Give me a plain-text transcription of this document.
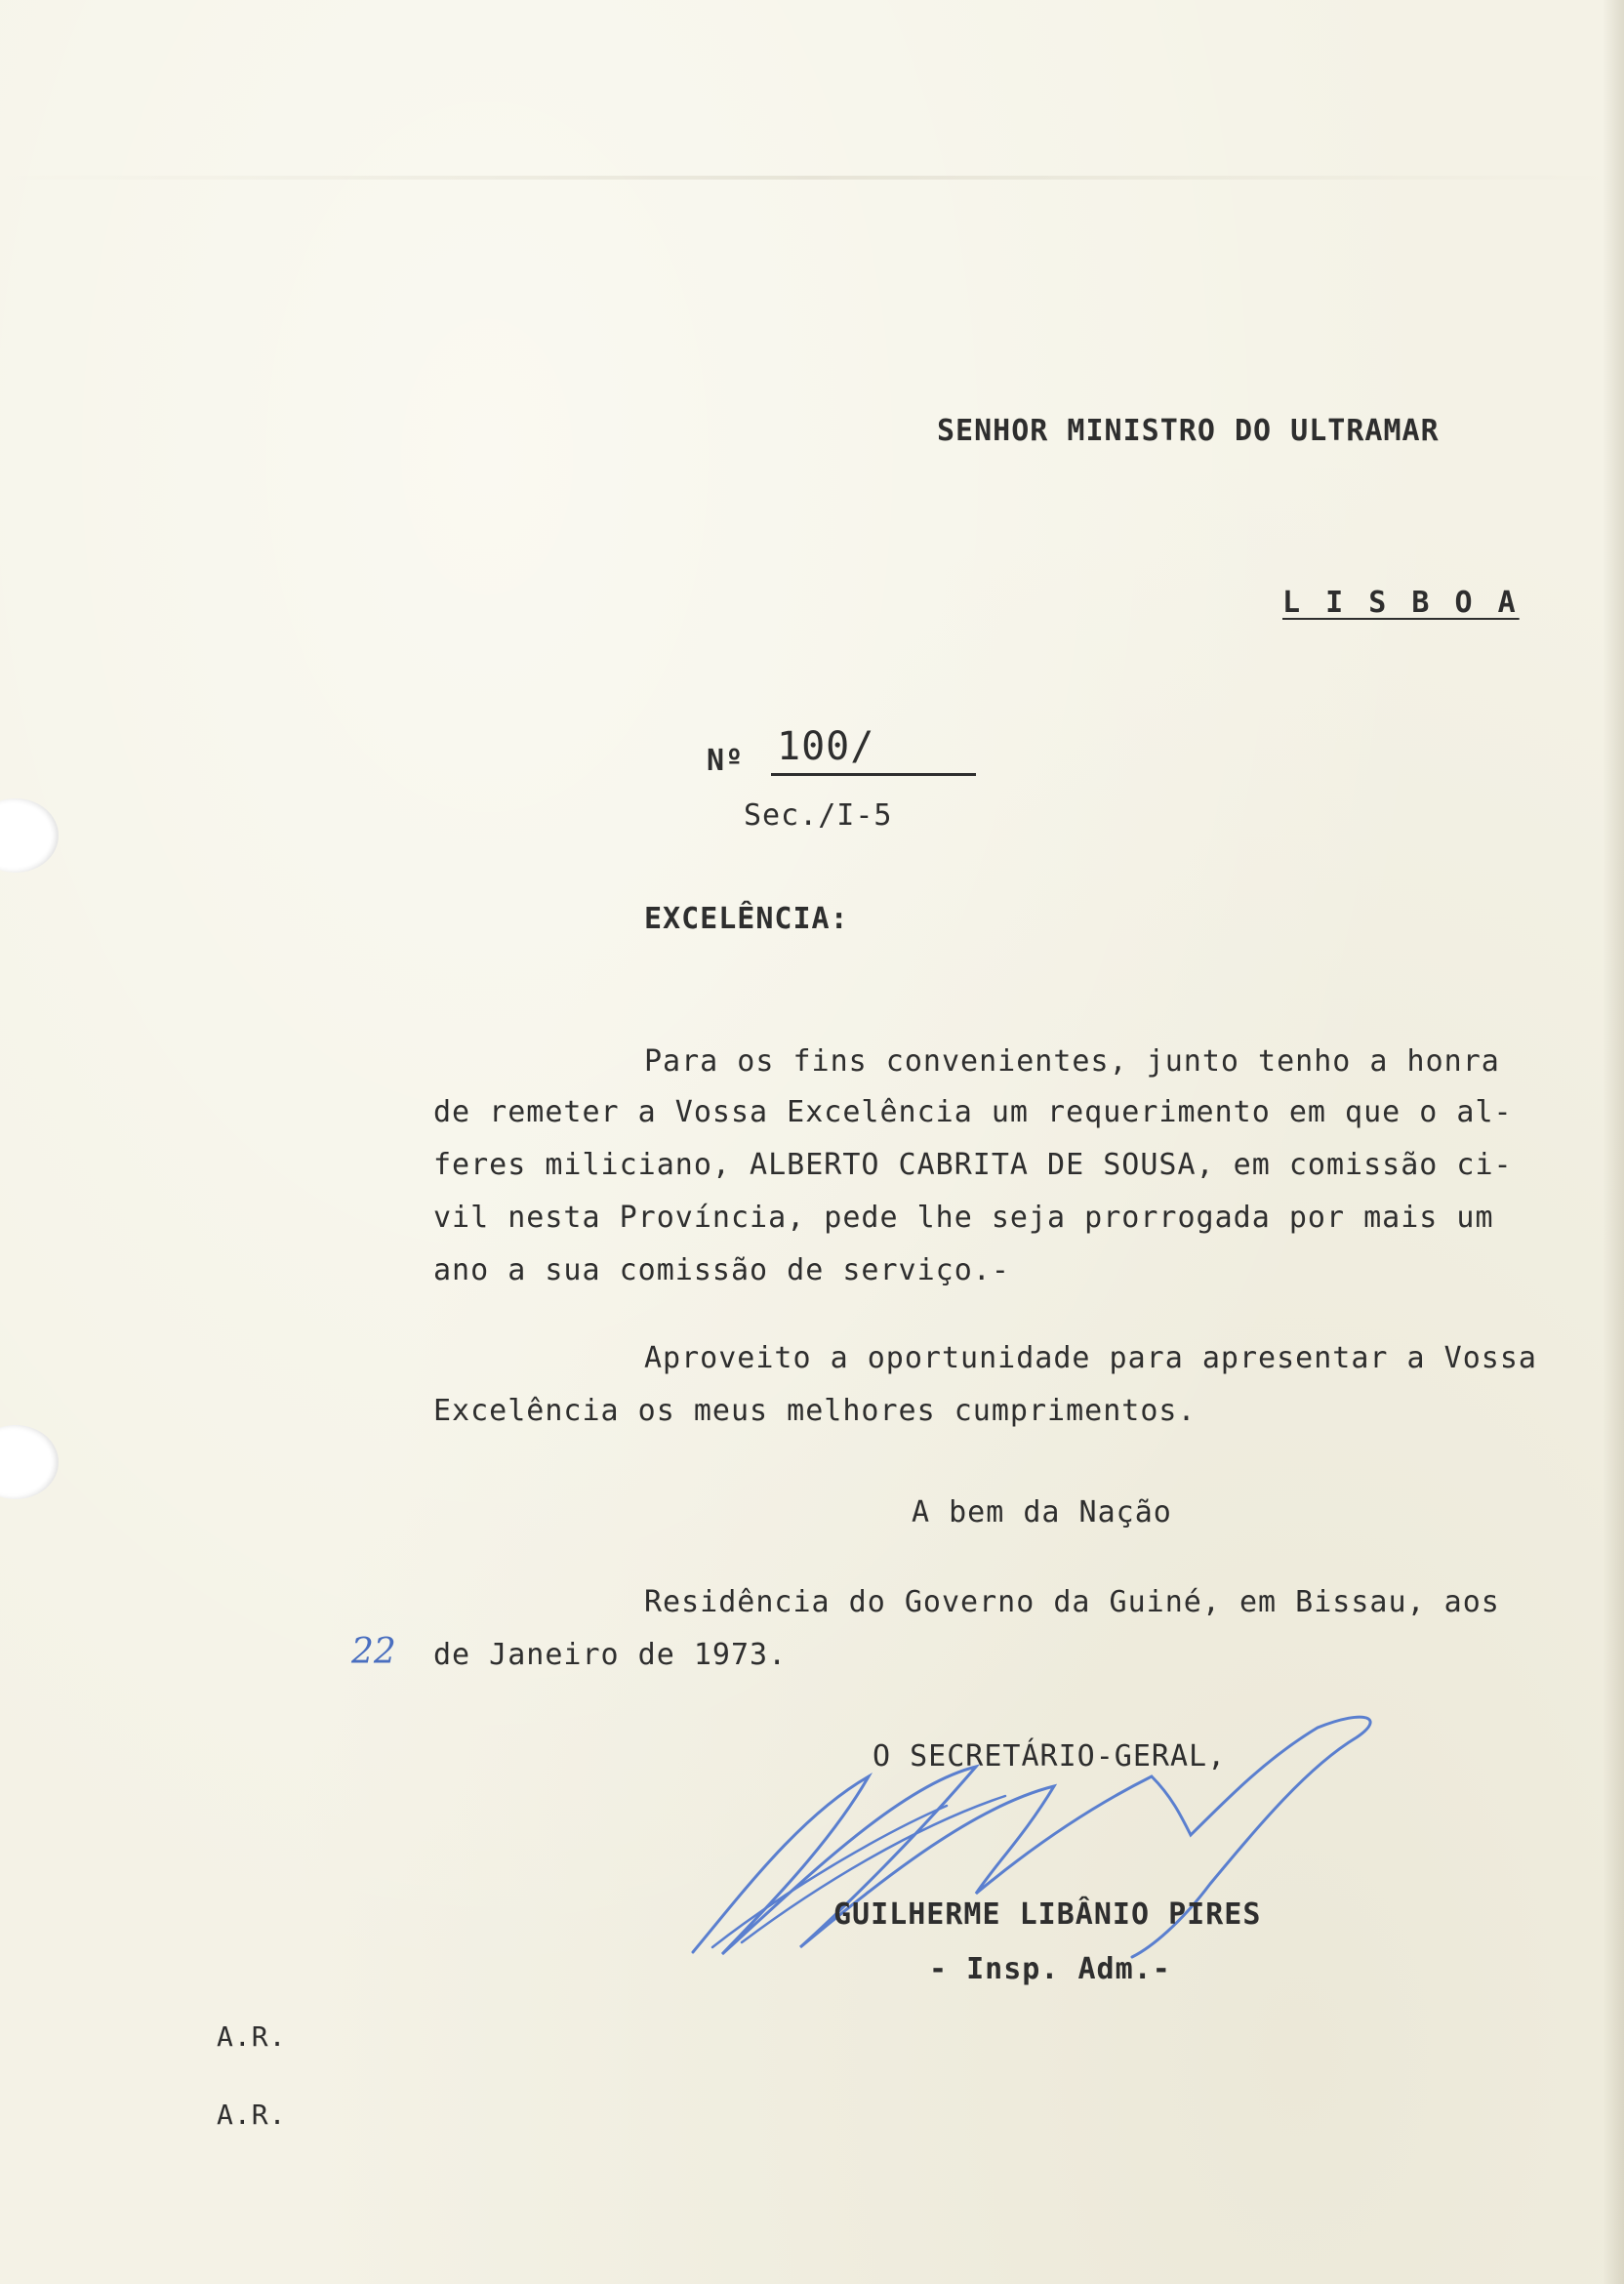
SENHOR MINISTRO DO ULTRAMAR
L I S B O A
Nº 100/
Sec./I-5
EXCELÊNCIA:
Para os fins convenientes, junto tenho a honra
de remeter a Vossa Excelência um requerimento em que o al-
feres miliciano, ALBERTO CABRITA DE SOUSA, em comissão ci-
vil nesta Província, pede lhe seja prorrogada por mais um
ano a sua comissão de serviço.-
Aproveito a oportunidade para apresentar a Vossa
Excelência os meus melhores cumprimentos.
A bem da Nação
Residência do Governo da Guiné, em Bissau, aos
22 de Janeiro de 1973.
O SECRETÁRIO-GERAL,
GUILHERME LIBÂNIO PIRES
- Insp. Adm.-
A.R.
A.R.
